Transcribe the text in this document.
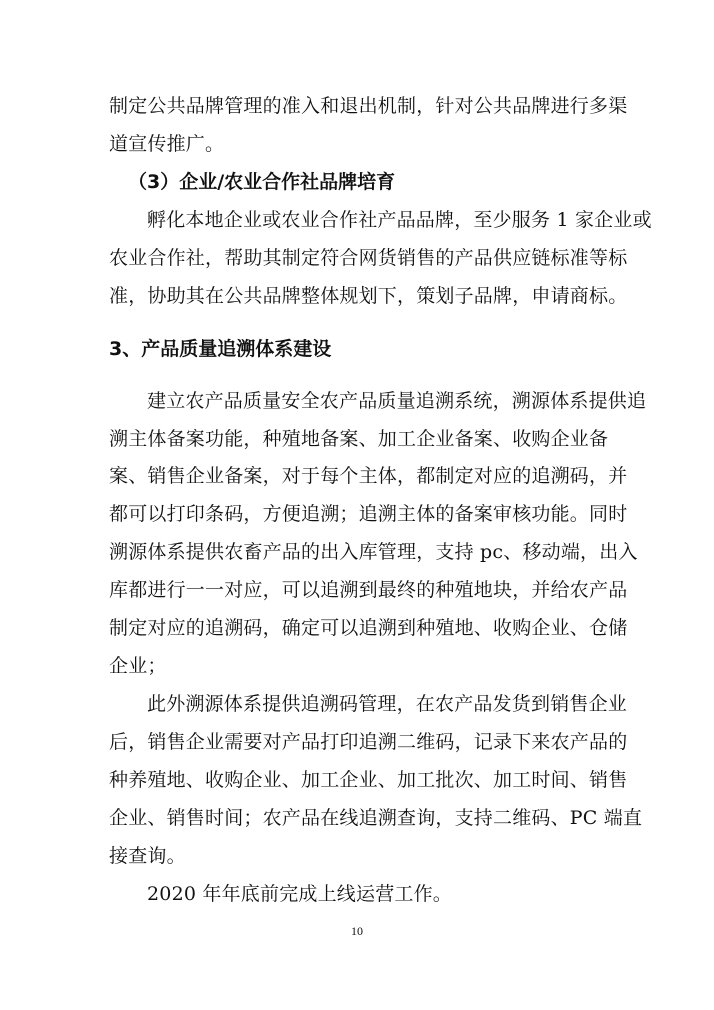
制定公共品牌管理的准入和退出机制，针对公共品牌进行多渠
道宣传推广。
（3）企业/农业合作社品牌培育
孵化本地企业或农业合作社产品品牌，至少服务 1 家企业或
农业合作社，帮助其制定符合网货销售的产品供应链标准等标
准，协助其在公共品牌整体规划下，策划子品牌，申请商标。
3、产品质量追溯体系建设
建立农产品质量安全农产品质量追溯系统，溯源体系提供追
溯主体备案功能，种殖地备案、加工企业备案、收购企业备
案、销售企业备案，对于每个主体，都制定对应的追溯码，并
都可以打印条码，方便追溯；追溯主体的备案审核功能。同时
溯源体系提供农畜产品的出入库管理，支持 pc、移动端，出入
库都进行一一对应，可以追溯到最终的种殖地块，并给农产品
制定对应的追溯码，确定可以追溯到种殖地、收购企业、仓储
企业；
此外溯源体系提供追溯码管理，在农产品发货到销售企业
后，销售企业需要对产品打印追溯二维码，记录下来农产品的
种养殖地、收购企业、加工企业、加工批次、加工时间、销售
企业、销售时间；农产品在线追溯查询，支持二维码、PC 端直
接查询。
2020 年年底前完成上线运营工作。
10
